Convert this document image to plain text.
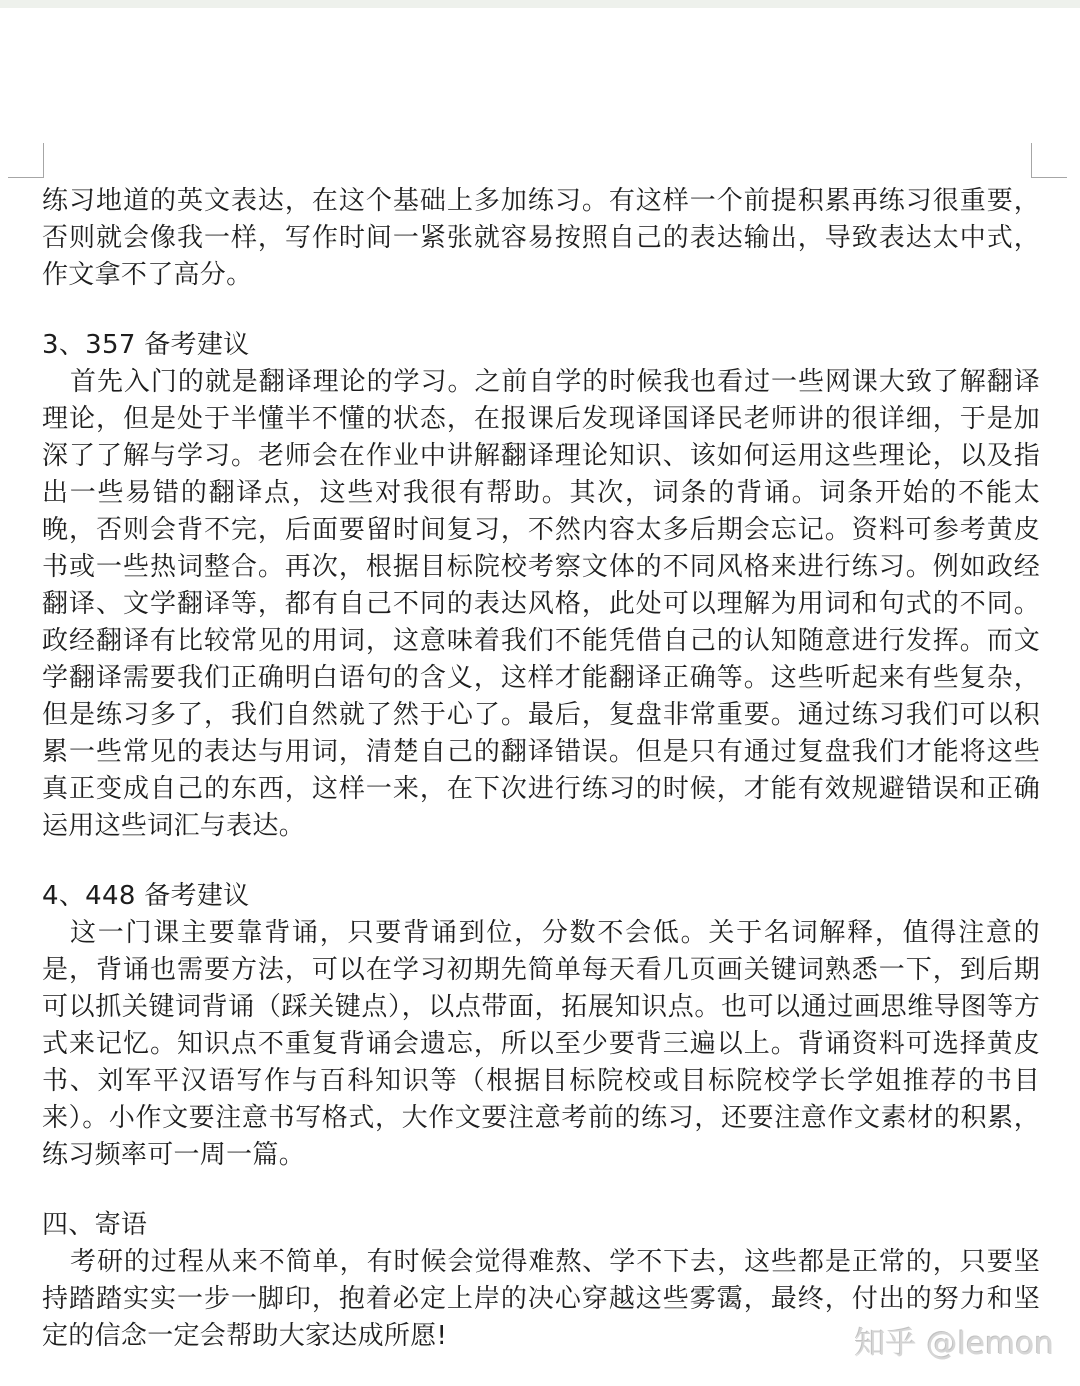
练习地道的英文表达，在这个基础上多加练习。有这样一个前提积累再练习很重要，否则就会像我一样，写作时间一紧张就容易按照自己的表达输出，导致表达太中式，作文拿不了高分。

3、357 备考建议

首先入门的就是翻译理论的学习。之前自学的时候我也看过一些网课大致了解翻译理论，但是处于半懂半不懂的状态，在报课后发现译国译民老师讲的很详细，于是加深了了解与学习。老师会在作业中讲解翻译理论知识、该如何运用这些理论，以及指出一些易错的翻译点，这些对我很有帮助。其次，词条的背诵。词条开始的不能太晚，否则会背不完，后面要留时间复习，不然内容太多后期会忘记。资料可参考黄皮书或一些热词整合。再次，根据目标院校考察文体的不同风格来进行练习。例如政经翻译、文学翻译等，都有自己不同的表达风格，此处可以理解为用词和句式的不同。政经翻译有比较常见的用词，这意味着我们不能凭借自己的认知随意进行发挥。而文学翻译需要我们正确明白语句的含义，这样才能翻译正确等。这些听起来有些复杂，但是练习多了，我们自然就了然于心了。最后，复盘非常重要。通过练习我们可以积累一些常见的表达与用词，清楚自己的翻译错误。但是只有通过复盘我们才能将这些真正变成自己的东西，这样一来，在下次进行练习的时候，才能有效规避错误和正确运用这些词汇与表达。

4、448 备考建议

这一门课主要靠背诵，只要背诵到位，分数不会低。关于名词解释，值得注意的是，背诵也需要方法，可以在学习初期先简单每天看几页画关键词熟悉一下，到后期可以抓关键词背诵（踩关键点），以点带面，拓展知识点。也可以通过画思维导图等方式来记忆。知识点不重复背诵会遗忘，所以至少要背三遍以上。背诵资料可选择黄皮书、刘军平汉语写作与百科知识等（根据目标院校或目标院校学长学姐推荐的书目来）。小作文要注意书写格式，大作文要注意考前的练习，还要注意作文素材的积累，练习频率可一周一篇。

四、寄语

考研的过程从来不简单，有时候会觉得难熬、学不下去，这些都是正常的，只要坚持踏踏实实一步一脚印，抱着必定上岸的决心穿越这些雾霭，最终，付出的努力和坚定的信念一定会帮助大家达成所愿!	知乎 @lemon
